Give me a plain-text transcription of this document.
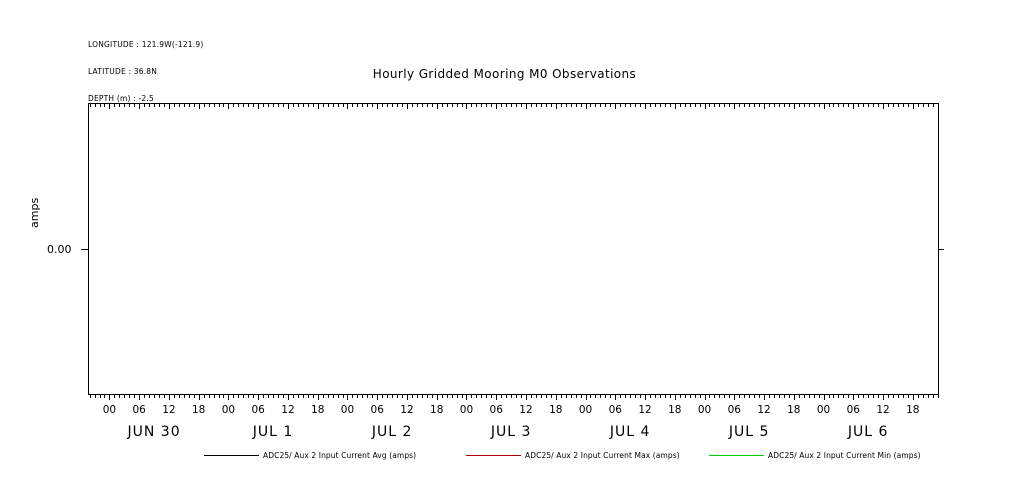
LONGITUDE : 121.9W(-121.9)

LATITUDE : 36.8N

DEPTH (m) : -2.5

Hourly Gridded Mooring M0 Observations
amps
0.00
00 06 12 18 00 06 12 18 00 06 12 18 00 06 12 18 00 06 12 18 00 06 12 18 00 06 12 18
JUN 30	JUL 1	JUL 2	JUL 3	JUL 4	JUL 5	JUL 6
ADC25/ Aux 2 Input Current Avg (amps)	ADC25/ Aux 2 Input Current Max (amps)	ADC25/ Aux 2 Input Current Min (amps)
